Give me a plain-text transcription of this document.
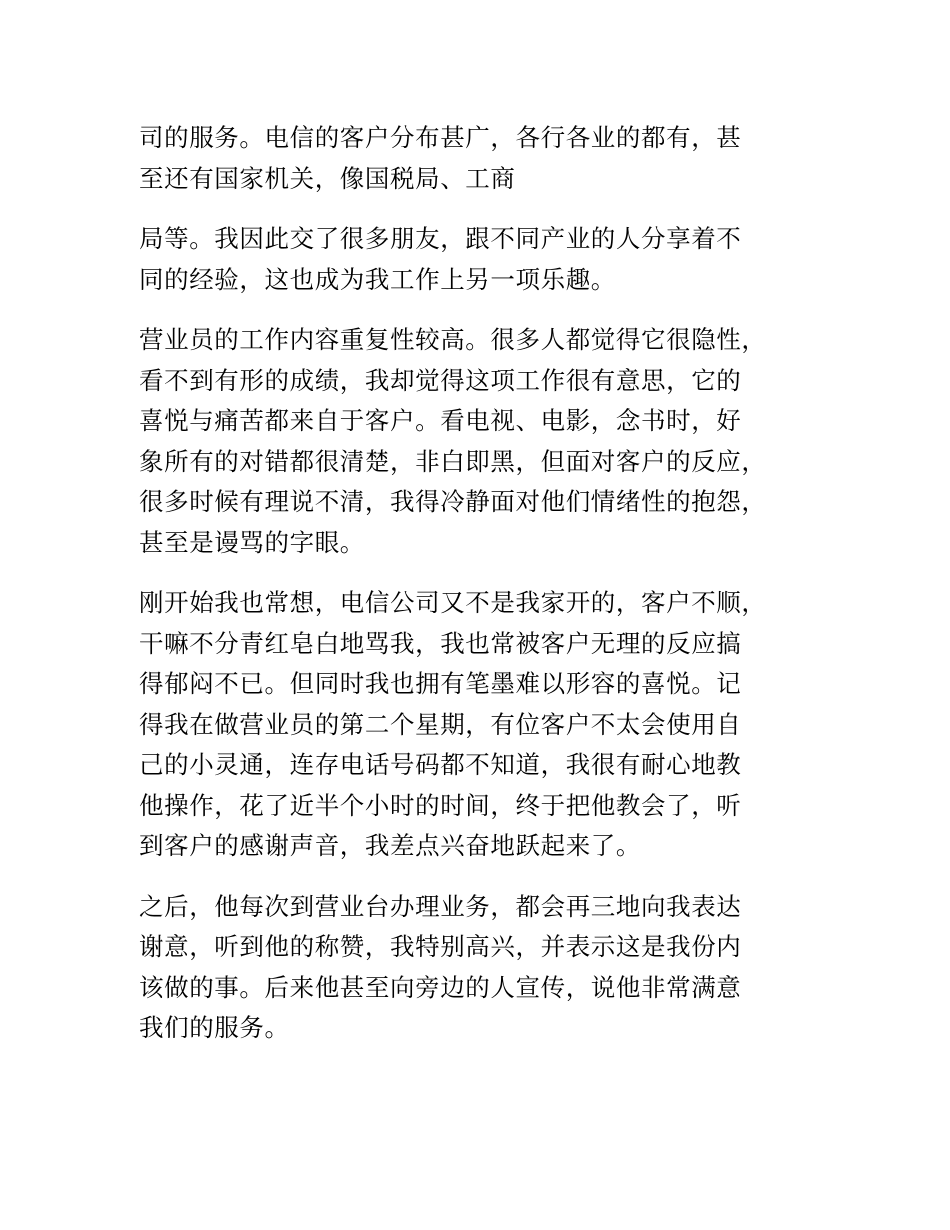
司的服务。电信的客户分布甚广，各行各业的都有，甚
至还有国家机关，像国税局、工商

局等。我因此交了很多朋友，跟不同产业的人分享着不
同的经验，这也成为我工作上另一项乐趣。

营业员的工作内容重复性较高。很多人都觉得它很隐性，
看不到有形的成绩，我却觉得这项工作很有意思，它的
喜悦与痛苦都来自于客户。看电视、电影，念书时，好
象所有的对错都很清楚，非白即黑，但面对客户的反应，
很多时候有理说不清，我得冷静面对他们情绪性的抱怨，
甚至是谩骂的字眼。

刚开始我也常想，电信公司又不是我家开的，客户不顺，
干嘛不分青红皂白地骂我，我也常被客户无理的反应搞
得郁闷不已。但同时我也拥有笔墨难以形容的喜悦。记
得我在做营业员的第二个星期，有位客户不太会使用自
己的小灵通，连存电话号码都不知道，我很有耐心地教
他操作，花了近半个小时的时间，终于把他教会了，听
到客户的感谢声音，我差点兴奋地跃起来了。

之后，他每次到营业台办理业务，都会再三地向我表达
谢意，听到他的称赞，我特别高兴，并表示这是我份内
该做的事。后来他甚至向旁边的人宣传，说他非常满意
我们的服务。
